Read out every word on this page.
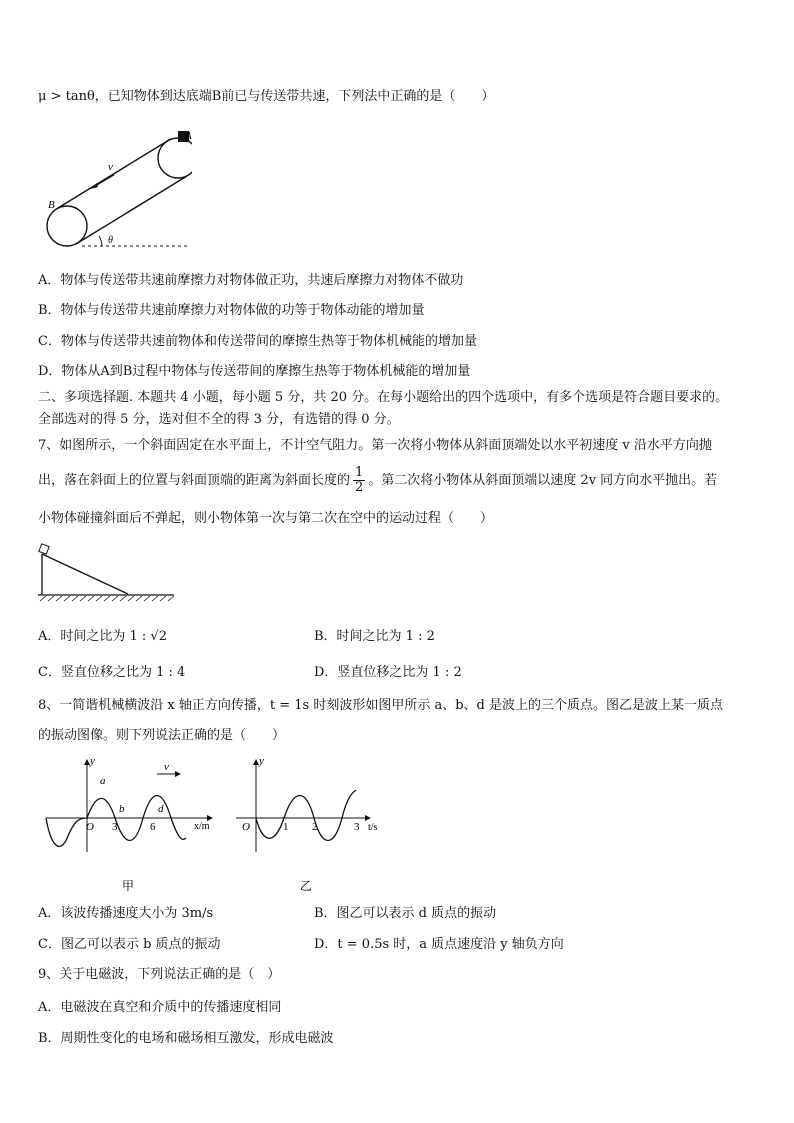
μ > tanθ，已知物体到达底端B前已与传送带共速，下列法中正确的是（　　）
A
B
v
θ
A．物体与传送带共速前摩擦力对物体做正功，共速后摩擦力对物体不做功
B．物体与传送带共速前摩擦力对物体做的功等于物体动能的增加量
C．物体与传送带共速前物体和传送带间的摩擦生热等于物体机械能的增加量
D．物体从A到B过程中物体与传送带间的摩擦生热等于物体机械能的增加量
二、多项选择题. 本题共 4 小题，每小题 5 分，共 20 分。在每小题给出的四个选项中，有多个选项是符合题目要求的。
全部选对的得 5 分，选对但不全的得 3 分，有选错的得 0 分。
7、如图所示，一个斜面固定在水平面上，不计空气阻力。第一次将小物体从斜面顶端处以水平初速度 v 沿水平方向抛
出，落在斜面上的位置与斜面顶端的距离为斜面长度的 $\frac{1}{2}$ 。第二次将小物体从斜面顶端以速度 2v 同方向水平抛出。若
小物体碰撞斜面后不弹起，则小物体第一次与第二次在空中的运动过程（　　）
A．时间之比为 1 : √2	B．时间之比为 1 : 2
C．竖直位移之比为 1 : 4	D．竖直位移之比为 1 : 2
8、一简谐机械横波沿 x 轴正方向传播，t = 1s 时刻波形如图甲所示 a、b、d 是波上的三个质点。图乙是波上某一质点
的振动图像。则下列说法正确的是（　　）
y
O 3	6	x/m
a
b	d
v
甲
y
O	1 2	3 t/s
乙
A．该波传播速度大小为 3m/s	B．图乙可以表示 d 质点的振动
C．图乙可以表示 b 质点的振动	D．t = 0.5s 时，a 质点速度沿 y 轴负方向
9、关于电磁波，下列说法正确的是（　）
A．电磁波在真空和介质中的传播速度相同
B．周期性变化的电场和磁场相互激发，形成电磁波
